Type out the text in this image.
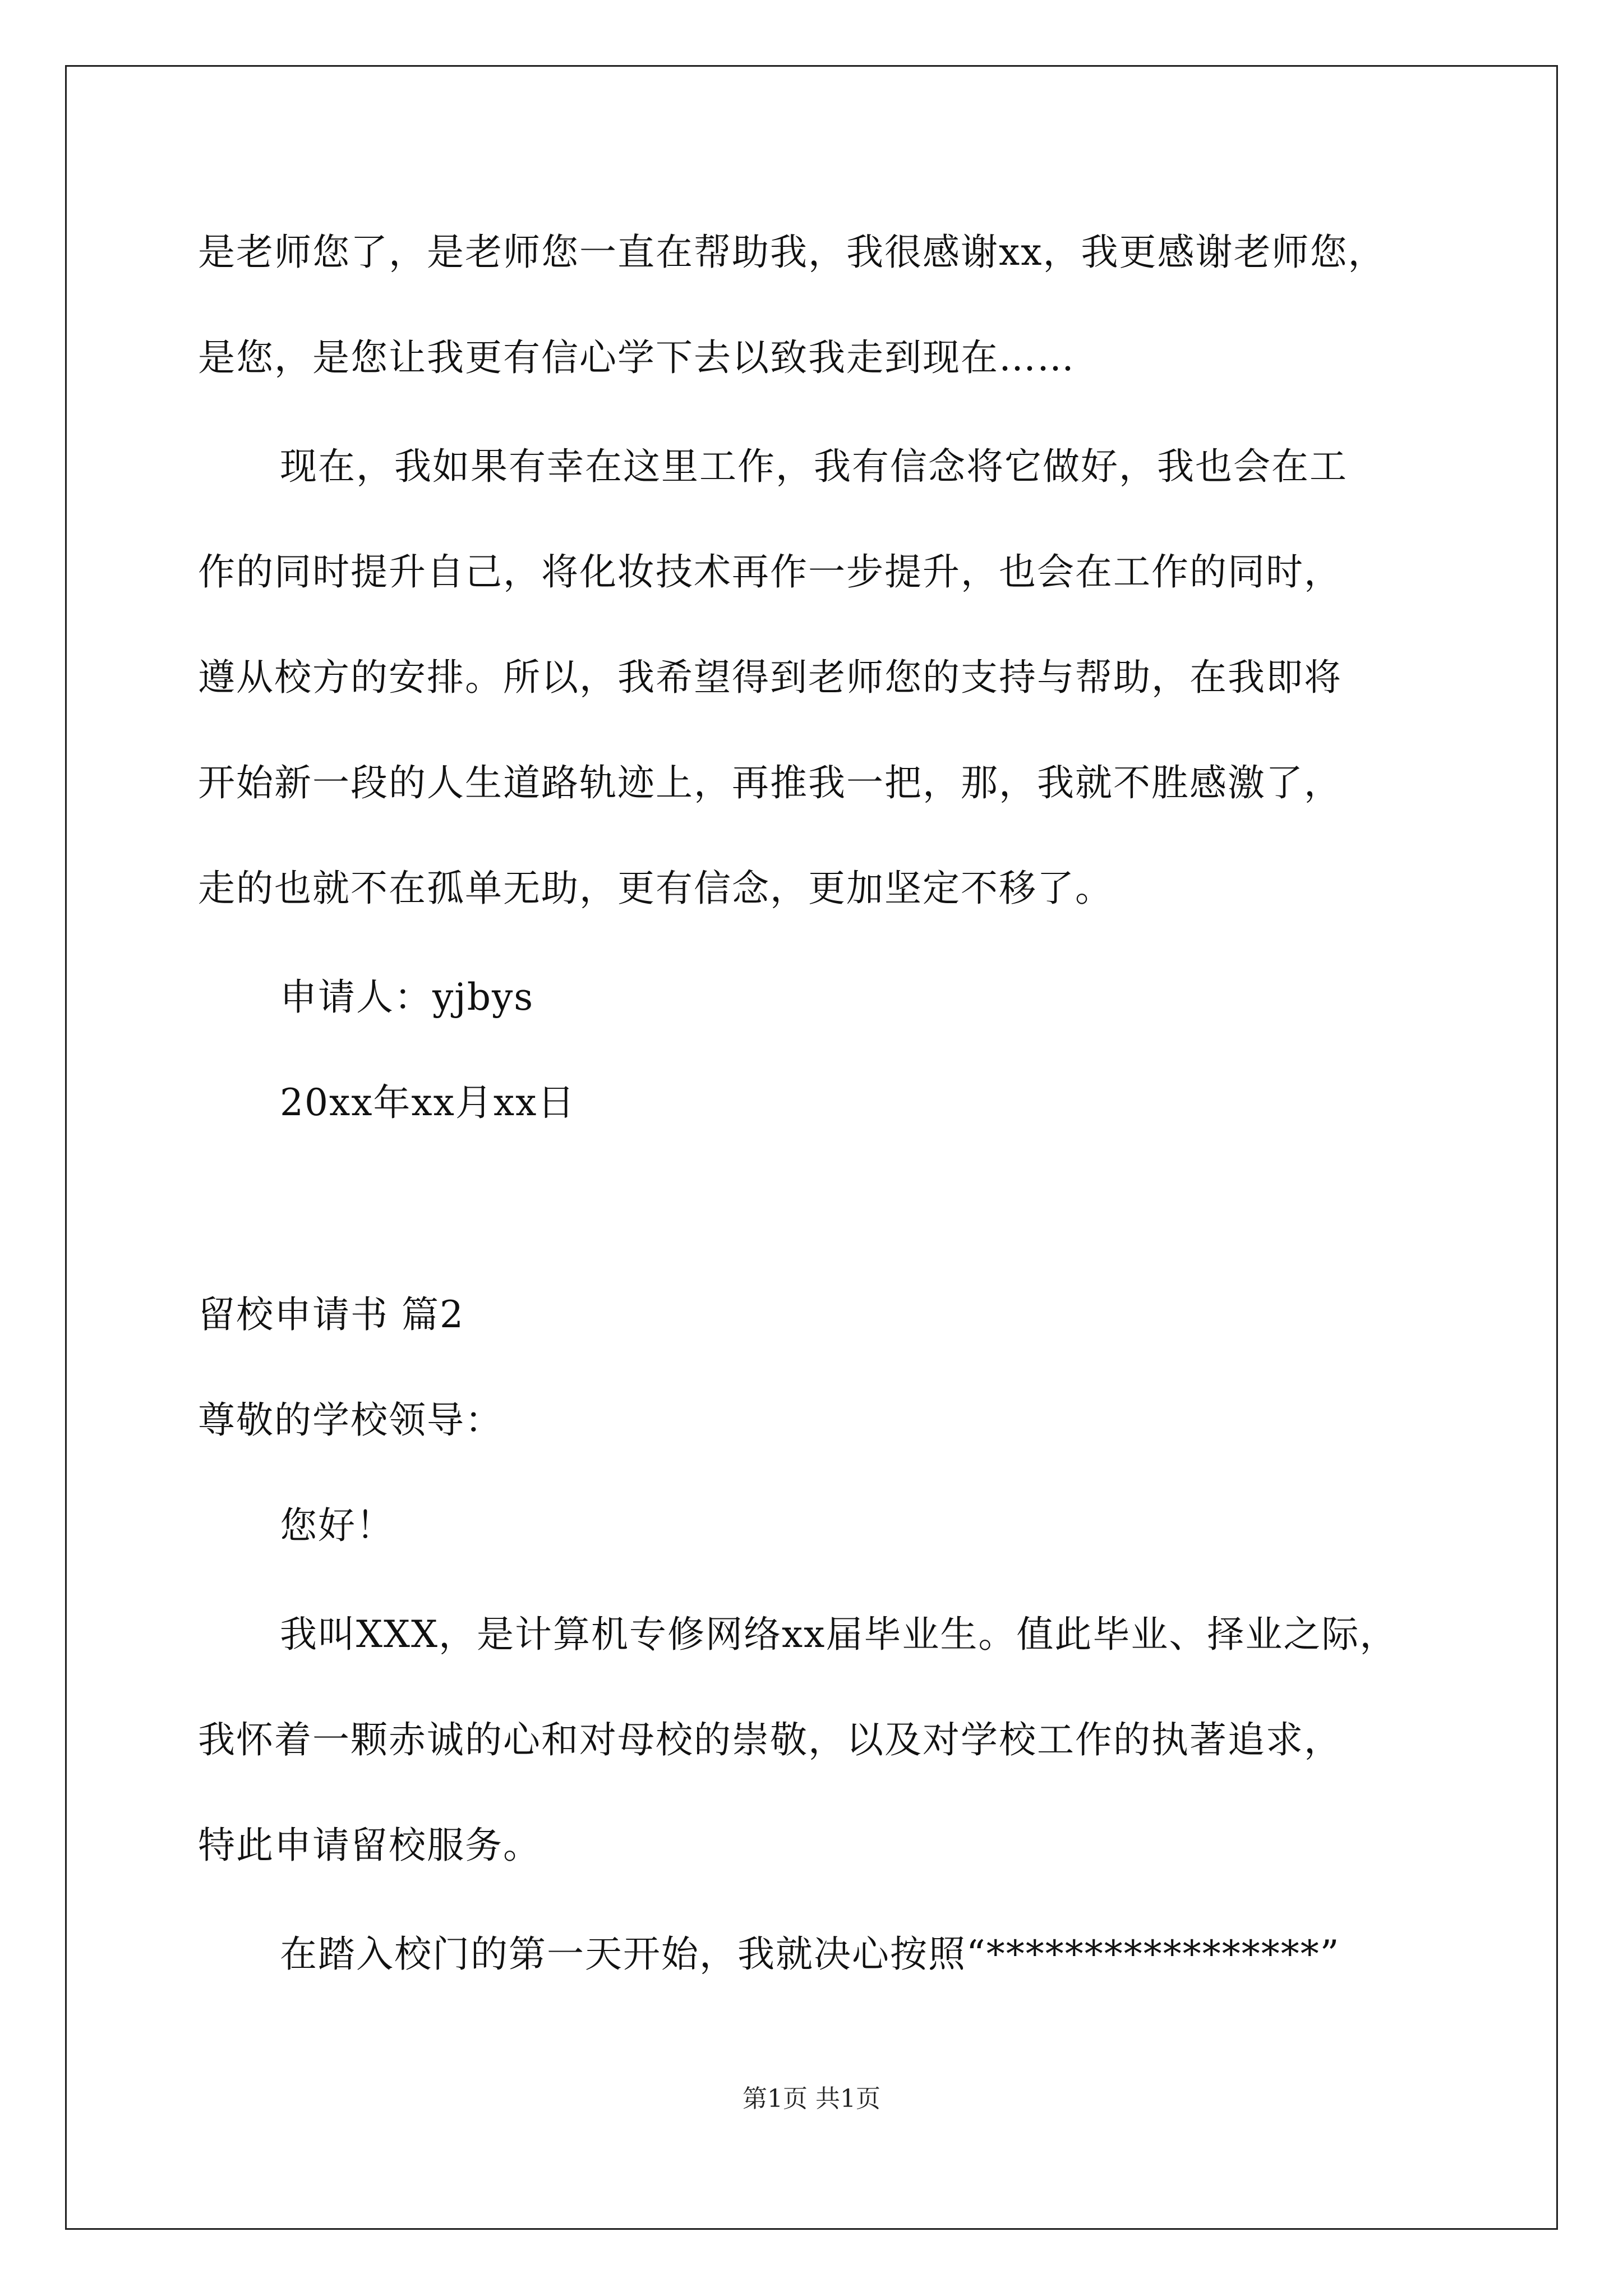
是老师您了，是老师您一直在帮助我，我很感谢xx，我更感谢老师您，
是您，是您让我更有信心学下去以致我走到现在……
现在，我如果有幸在这里工作，我有信念将它做好，我也会在工
作的同时提升自己，将化妆技术再作一步提升，也会在工作的同时，
遵从校方的安排。所以，我希望得到老师您的支持与帮助，在我即将
开始新一段的人生道路轨迹上，再推我一把，那，我就不胜感激了，
走的也就不在孤单无助，更有信念，更加坚定不移了。
申请人：yjbys
20xx年xx月xx日
留校申请书 篇2
尊敬的学校领导：
您好！
我叫XXX，是计算机专修网络xx届毕业生。值此毕业、择业之际，
我怀着一颗赤诚的心和对母校的崇敬，以及对学校工作的执著追求，
特此申请留校服务。
在踏入校门的第一天开始，我就决心按照“*****************”
第1页 共1页
